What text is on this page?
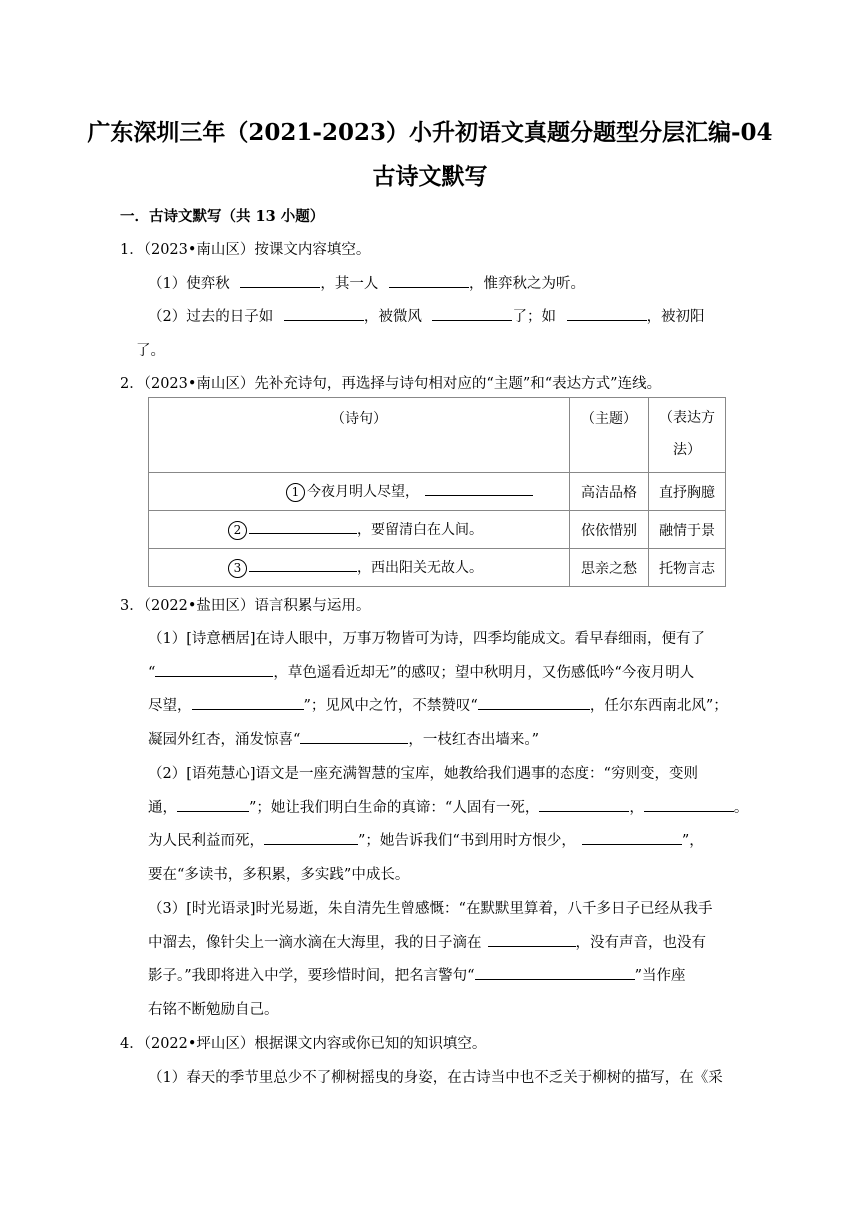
广东深圳三年（2021-2023）小升初语文真题分题型分层汇编-04
古诗文默写
一．古诗文默写（共 13 小题）
1．（2023•南山区）按课文内容填空。
（1）使弈秋	，其一人	，惟弈秋之为听。
（2）过去的日子如	，被微风	了；如	，被初阳
了。
2．（2023•南山区）先补充诗句，再选择与诗句相对应的“主题”和“表达方式”连线。
（诗句）	（主题）	（表达方
法）

1 今夜月明人尽望，	高洁品格	直抒胸臆
2 ，要留清白在人间。	依依惜别	融情于景
3 ，西出阳关无故人。	思亲之愁	托物言志
3．（2022•盐田区）语言积累与运用。
（1）[诗意栖居]在诗人眼中，万事万物皆可为诗，四季均能成文。看早春细雨，便有了
“	，草色遥看近却无”的感叹；望中秋明月，又伤感低吟“今夜月明人
尽望，	”；见风中之竹，不禁赞叹“	，任尔东西南北风”；
凝园外红杏，涌发惊喜“	，一枝红杏出墙来。”
（2）[语苑慧心]语文是一座充满智慧的宝库，她教给我们遇事的态度：“穷则变，变则
通，	”；她让我们明白生命的真谛：“人固有一死，	，	。
为人民利益而死，	”；她告诉我们“书到用时方恨少，	”，
要在“多读书，多积累，多实践”中成长。
（3）[时光语录]时光易逝，朱自清先生曾感慨：“在默默里算着，八千多日子已经从我手
中溜去，像针尖上一滴水滴在大海里，我的日子滴在	，没有声音，也没有
影子。”我即将进入中学，要珍惜时间，把名言警句“	”当作座
右铭不断勉励自己。
4．（2022•坪山区）根据课文内容或你已知的知识填空。
（1）春天的季节里总少不了柳树摇曳的身姿，在古诗当中也不乏关于柳树的描写，在《采
